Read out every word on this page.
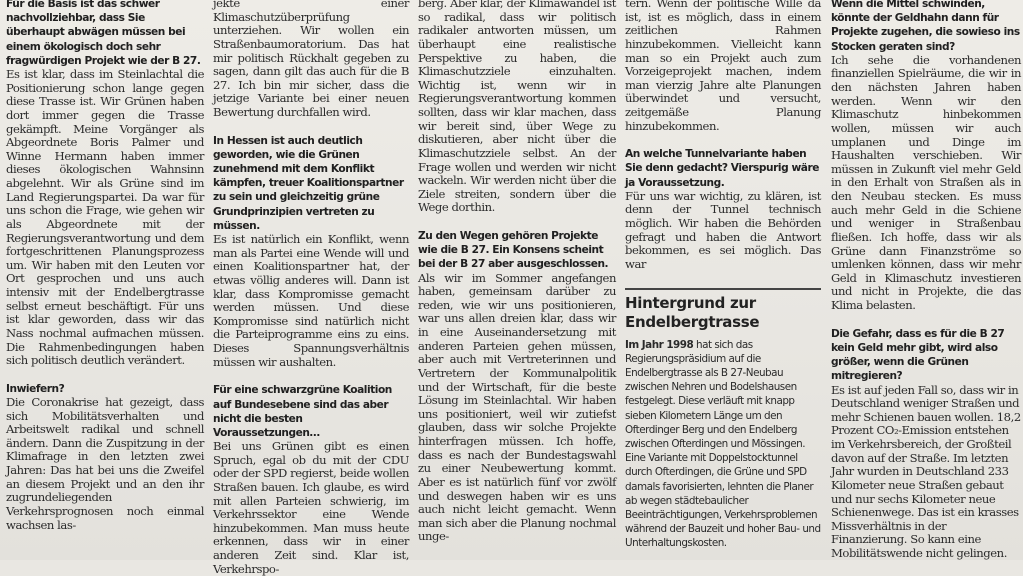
Für die Basis ist das schwer nachvollziehbar, dass Sie überhaupt abwägen müssen bei einem ökologisch doch sehr fragwürdigen Projekt wie der B 27.

Es ist klar, dass im Steinlachtal die Positionierung schon lange gegen diese Trasse ist. Wir Grünen haben dort immer gegen die Trasse gekämpft. Meine Vorgänger als Abgeordnete Boris Palmer und Winne Hermann haben immer dieses ökologischen Wahnsinn abgelehnt. Wir als Grüne sind im Land Regierungspartei. Da war für uns schon die Frage, wie gehen wir als Abgeordnete mit der Regierungsverantwortung und dem fortgeschrittenen Planungsprozess um. Wir haben mit den Leuten vor Ort gesprochen und uns auch intensiv mit der Endelbergtrasse selbst erneut beschäftigt. Für uns ist klar geworden, dass wir das Nass nochmal aufmachen müssen. Die Rahmenbedingungen haben sich politisch deutlich verändert.

Inwiefern?

Die Coronakrise hat gezeigt, dass sich Mobilitätsverhalten und Arbeitswelt radikal und schnell ändern. Dann die Zuspitzung in der Klimafrage in den letzten zwei Jahren: Das hat bei uns die Zweifel an diesem Projekt und an den ihr zugrundeliegenden Verkehrsprognosen noch einmal wachsen las-

jekte einer Klimaschutzüberprüfung unterziehen. Wir wollen ein Straßenbaumoratorium. Das hat mir politisch Rückhalt gegeben zu sagen, dann gilt das auch für die B 27. Ich bin mir sicher, dass die jetzige Variante bei einer neuen Bewertung durchfallen wird.

In Hessen ist auch deutlich geworden, wie die Grünen zunehmend mit dem Konflikt kämpfen, treuer Koalitionspartner zu sein und gleichzeitig grüne Grundprinzipien vertreten zu müssen.

Es ist natürlich ein Konflikt, wenn man als Partei eine Wende will und einen Koalitionspartner hat, der etwas völlig anderes will. Dann ist klar, dass Kompromisse gemacht werden müssen. Und diese Kompromisse sind natürlich nicht die Parteiprogramme eins zu eins. Dieses Spannungsverhältnis müssen wir aushalten.

Für eine schwarzgrüne Koalition auf Bundesebene sind das aber nicht die besten Voraussetzungen…

Bei uns Grünen gibt es einen Spruch, egal ob du mit der CDU oder der SPD regierst, beide wollen Straßen bauen. Ich glaube, es wird mit allen Parteien schwierig, im Verkehrssektor eine Wende hinzubekommen. Man muss heute erkennen, dass wir in einer anderen Zeit sind. Klar ist, Verkehrspo-

berg. Aber klar, der Klimawandel ist so radikal, dass wir politisch radikaler antworten müssen, um überhaupt eine realistische Perspektive zu haben, die Klimaschutzziele einzuhalten. Wichtig ist, wenn wir in Regierungsverantwortung kommen sollten, dass wir klar machen, dass wir bereit sind, über Wege zu diskutieren, aber nicht über die Klimaschutzziele selbst. An der Frage wollen und werden wir nicht wackeln. Wir werden nicht über die Ziele streiten, sondern über die Wege dorthin.

Zu den Wegen gehören Projekte wie die B 27. Ein Konsens scheint bei der B 27 aber ausgeschlossen.

Als wir im Sommer angefangen haben, gemeinsam darüber zu reden, wie wir uns positionieren, war uns allen dreien klar, dass wir in eine Auseinandersetzung mit anderen Parteien gehen müssen, aber auch mit Vertreterinnen und Vertretern der Kommunalpolitik und der Wirtschaft, für die beste Lösung im Steinlachtal. Wir haben uns positioniert, weil wir zutiefst glauben, dass wir solche Projekte hinterfragen müssen. Ich hoffe, dass es nach der Bundestagswahl zu einer Neubewertung kommt. Aber es ist natürlich fünf vor zwölf und deswegen haben wir es uns auch nicht leicht gemacht. Wenn man sich aber die Planung nochmal unge-

tern. Wenn der politische Wille da ist, ist es möglich, dass in einem zeitlichen Rahmen hinzubekommen. Vielleicht kann man so ein Projekt auch zum Vorzeigeprojekt machen, indem man vierzig Jahre alte Planungen überwindet und versucht, zeitgemäße Planung hinzubekommen.

An welche Tunnelvariante haben Sie denn gedacht? Vierspurig wäre ja Voraussetzung.

Für uns war wichtig, zu klären, ist denn der Tunnel technisch möglich. Wir haben die Behörden gefragt und haben die Antwort bekommen, es sei möglich. Das war

Hintergrund zur Endelbergtrasse

Im Jahr 1998 hat sich das Regierungspräsidium auf die Endelbergtrasse als B 27-Neubau zwischen Nehren und Bodelshausen festgelegt. Diese verläuft mit knapp sieben Kilometern Länge um den Ofterdinger Berg und den Endelberg zwischen Ofterdingen und Mössingen. Eine Variante mit Doppelstocktunnel durch Ofterdingen, die Grüne und SPD damals favorisierten, lehnten die Planer ab wegen städtebaulicher Beeinträchtigungen, Verkehrsproblemen während der Bauzeit und hoher Bau- und Unterhaltungskosten.

Wenn die Mittel schwinden, könnte der Geldhahn dann für Projekte zugehen, die sowieso ins Stocken geraten sind?

Ich sehe die vorhandenen finanziellen Spielräume, die wir in den nächsten Jahren haben werden. Wenn wir den Klimaschutz hinbekommen wollen, müssen wir auch umplanen und Dinge im Haushalten verschieben. Wir müssen in Zukunft viel mehr Geld in den Erhalt von Straßen als in den Neubau stecken. Es muss auch mehr Geld in die Schiene und weniger in Straßenbau fließen. Ich hoffe, dass wir als Grüne dann Finanzströme so umlenken können, dass wir mehr Geld in Klimaschutz investieren und nicht in Projekte, die das Klima belasten.

Die Gefahr, dass es für die B 27 kein Geld mehr gibt, wird also größer, wenn die Grünen mitregieren?

Es ist auf jeden Fall so, dass wir in Deutschland weniger Straßen und mehr Schienen bauen wollen. 18,2 Prozent CO₂-Emission entstehen im Verkehrsbereich, der Großteil davon auf der Straße. Im letzten Jahr wurden in Deutschland 233 Kilometer neue Straßen gebaut und nur sechs Kilometer neue Schienenwege. Das ist ein krasses Missverhältnis in der Finanzierung. So kann eine Mobilitätswende nicht gelingen.
